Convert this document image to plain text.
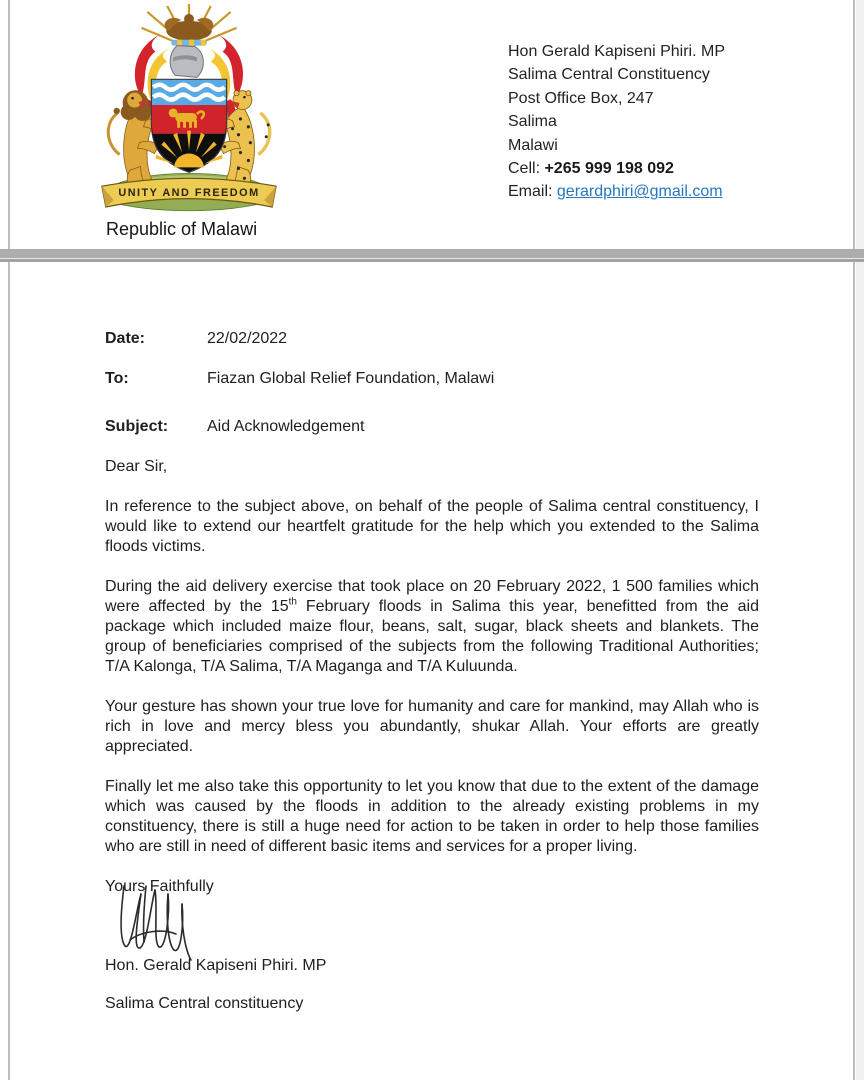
UNITY AND FREEDOM
Republic of Malawi
Hon Gerald Kapiseni Phiri. MP
Salima Central Constituency
Post Office Box, 247
Salima
Malawi
Cell: +265 999 198 092
Email: gerardphiri@gmail.com
Date:	22/02/2022
To:	Fiazan Global Relief Foundation, Malawi
Subject: Aid Acknowledgement
Dear Sir,
In reference to the subject above, on behalf of the people of Salima central constituency, I would like to extend our heartfelt gratitude for the help which you extended to the Salima floods victims.
During the aid delivery exercise that took place on 20 February 2022, 1 500 families which were affected by the 15th February floods in Salima this year, benefitted from the aid package which included maize flour, beans, salt, sugar, black sheets and blankets. The group of beneficiaries comprised of the subjects from the following Traditional Authorities; T/A Kalonga, T/A Salima, T/A Maganga and T/A Kuluunda.
Your gesture has shown your true love for humanity and care for mankind, may Allah who is rich in love and mercy bless you abundantly, shukar Allah. Your efforts are greatly appreciated.
Finally let me also take this opportunity to let you know that due to the extent of the damage which was caused by the floods in addition to the already existing problems in my constituency, there is still a huge need for action to be taken in order to help those families who are still in need of different basic items and services for a proper living.
Yours Faithfully
Hon. Gerald Kapiseni Phiri. MP
Salima Central constituency
